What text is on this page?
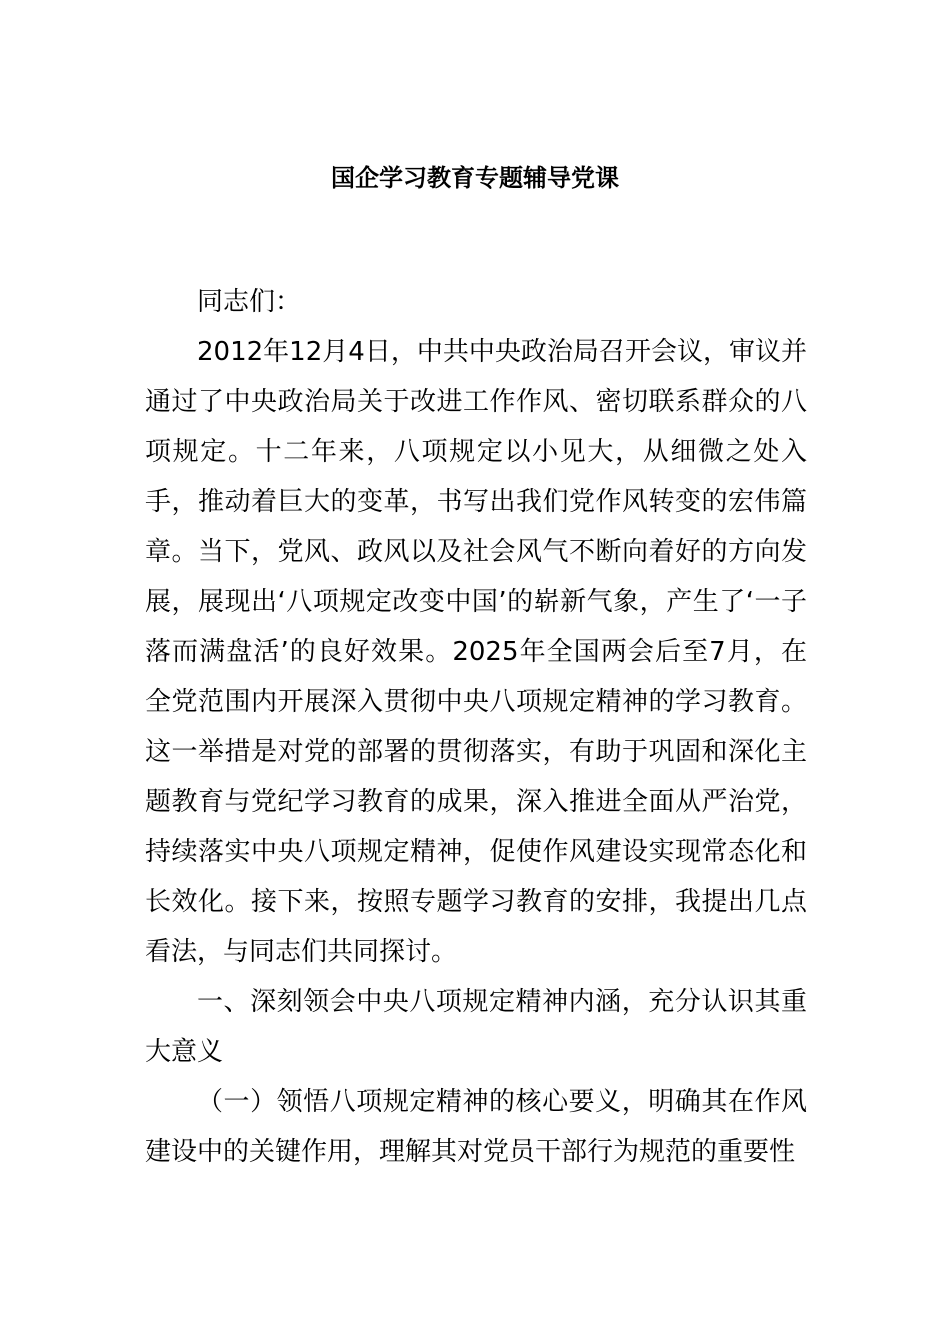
国企学习教育专题辅导党课

同志们：

2012年12月4日，中共中央政治局召开会议，审议并通过了中央政治局关于改进工作作风、密切联系群众的八项规定。十二年来，八项规定以小见大，从细微之处入手，推动着巨大的变革，书写出我们党作风转变的宏伟篇章。当下，党风、政风以及社会风气不断向着好的方向发展，展现出‘八项规定改变中国’的崭新气象，产生了‘一子落而满盘活’的良好效果。2025年全国两会后至7月，在全党范围内开展深入贯彻中央八项规定精神的学习教育。这一举措是对党的部署的贯彻落实，有助于巩固和深化主题教育与党纪学习教育的成果，深入推进全面从严治党，持续落实中央八项规定精神，促使作风建设实现常态化和长效化。接下来，按照专题学习教育的安排，我提出几点看法，与同志们共同探讨。

一、深刻领会中央八项规定精神内涵，充分认识其重大意义

（一）领悟八项规定精神的核心要义，明确其在作风建设中的关键作用，理解其对党员干部行为规范的重要性
